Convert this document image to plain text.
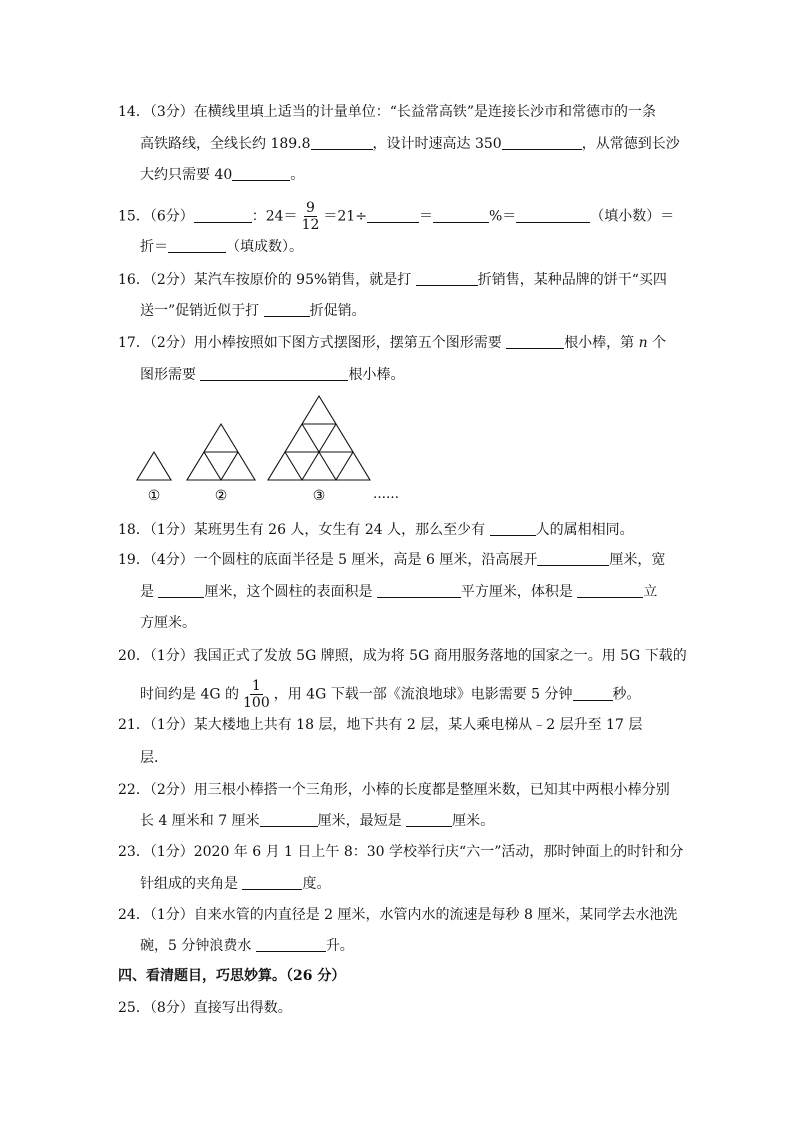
14．（3分）在横线里填上适当的计量单位：“长益常高铁”是连接长沙市和常德市的一条
高铁路线，全线长约 189.8	，设计时速高达 350	，从常德到长沙
大约只需要 40	。
15．（6分）	：$24= \frac{9}{12} =21\div$	＝	%＝	（填小数）＝
折＝	（填成数）。
16．（2分）某汽车按原价的 95%销售，就是打	折销售，某种品牌的饼干“买四
送一”促销近似于打	折促销。
17．（2分）用小棒按照如下图方式摆图形，摆第五个图形需要	根小棒，第 n 个
图形需要	根小棒。
①	②	③	……
18．（1分）某班男生有 26 人，女生有 24 人，那么至少有	人的属相相同。
19．（4分）一个圆柱的底面半径是 5 厘米，高是 6 厘米，沿高展开	厘米，宽
是	厘米，这个圆柱的表面积是	平方厘米，体积是	立
方厘米。
20．（1分）我国正式了发放 5G 牌照，成为将 5G 商用服务落地的国家之一。用 5G 下载的
时间约是 4G 的 $\frac{1}{100}$ ，用 4G 下载一部《流浪地球》电影需要 5 分钟	秒。
21．（1分）某大楼地上共有 18 层，地下共有 2 层，某人乘电梯从﹣2 层升至 17 层
层．
22．（2分）用三根小棒搭一个三角形，小棒的长度都是整厘米数，已知其中两根小棒分别
长 4 厘米和 7 厘米	厘米，最短是	厘米。
23．（1分）2020 年 6 月 1 日上午 8：30 学校举行庆“六一”活动，那时钟面上的时针和分
针组成的夹角是	度。
24．（1分）自来水管的内直径是 2 厘米，水管内水的流速是每秒 8 厘米，某同学去水池洗
碗，5 分钟浪费水	升。
四、看清题目，巧思妙算。（26 分）
25．（8分）直接写出得数。
